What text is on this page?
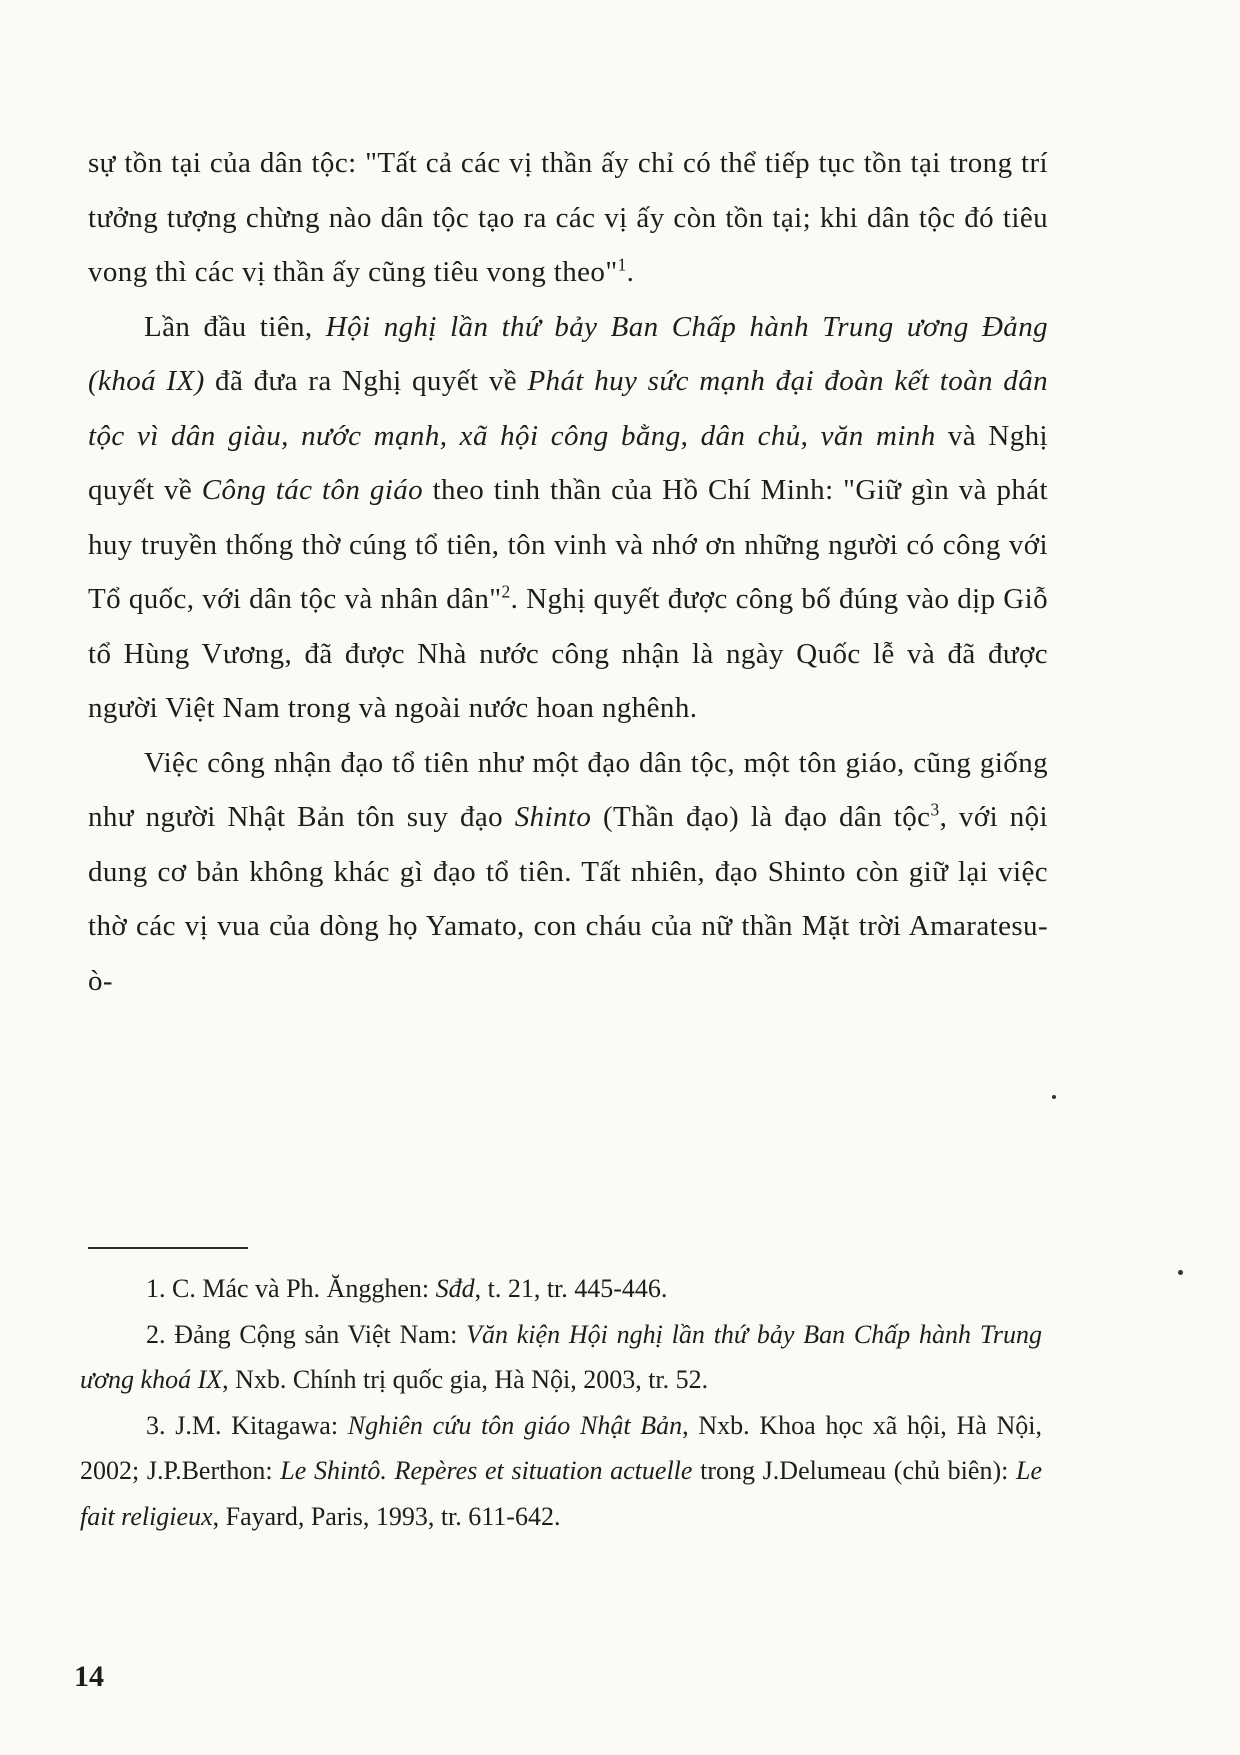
sự tồn tại của dân tộc: "Tất cả các vị thần ấy chỉ có thể tiếp tục tồn tại trong trí tưởng tượng chừng nào dân tộc tạo ra các vị ấy còn tồn tại; khi dân tộc đó tiêu vong thì các vị thần ấy cũng tiêu vong theo"$^1$.

Lần đầu tiên, Hội nghị lần thứ bảy Ban Chấp hành Trung ương Đảng (khoá IX) đã đưa ra Nghị quyết về Phát huy sức mạnh đại đoàn kết toàn dân tộc vì dân giàu, nước mạnh, xã hội công bằng, dân chủ, văn minh và Nghị quyết về Công tác tôn giáo theo tinh thần của Hồ Chí Minh: "Giữ gìn và phát huy truyền thống thờ cúng tổ tiên, tôn vinh và nhớ ơn những người có công với Tổ quốc, với dân tộc và nhân dân"$^2$. Nghị quyết được công bố đúng vào dịp Giỗ tổ Hùng Vương, đã được Nhà nước công nhận là ngày Quốc lễ và đã được người Việt Nam trong và ngoài nước hoan nghênh.

Việc công nhận đạo tổ tiên như một đạo dân tộc, một tôn giáo, cũng giống như người Nhật Bản tôn suy đạo Shinto (Thần đạo) là đạo dân tộc$^3$, với nội dung cơ bản không khác gì đạo tổ tiên. Tất nhiên, đạo Shinto còn giữ lại việc thờ các vị vua của dòng họ Yamato, con cháu của nữ thần Mặt trời Amaratesu-ò-

1. C. Mác và Ph. Ăngghen: Sđd, t. 21, tr. 445-446.

2. Đảng Cộng sản Việt Nam: Văn kiện Hội nghị lần thứ bảy Ban Chấp hành Trung ương khoá IX, Nxb. Chính trị quốc gia, Hà Nội, 2003, tr. 52.

3. J.M. Kitagawa: Nghiên cứu tôn giáo Nhật Bản, Nxb. Khoa học xã hội, Hà Nội, 2002; J.P.Berthon: Le Shintô. Repères et situation actuelle trong J.Delumeau (chủ biên): Le fait religieux, Fayard, Paris, 1993, tr. 611-642.

14
